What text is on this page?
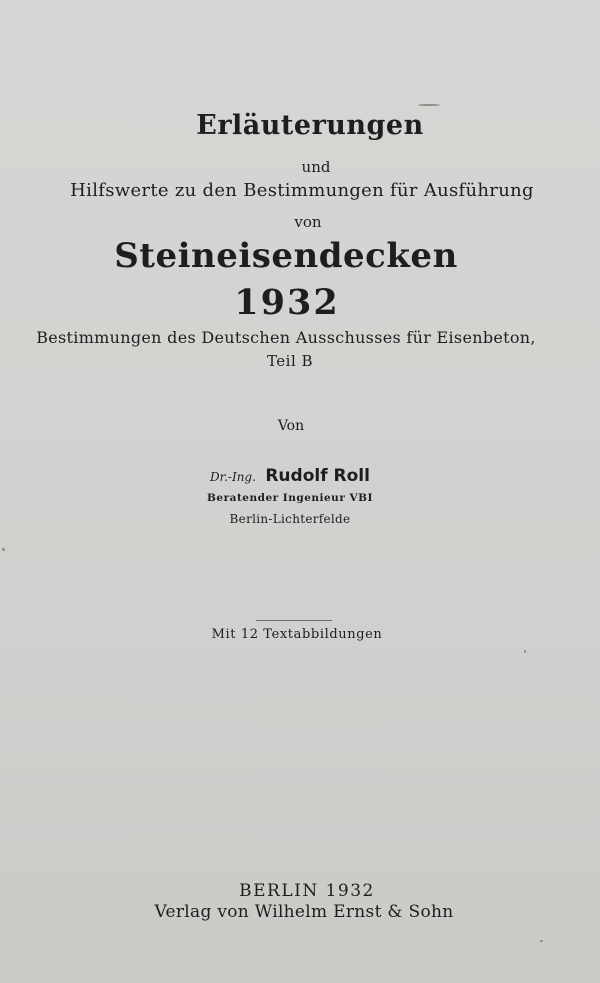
Erläuterungen
und
Hilfswerte zu den Bestimmungen für Ausführung
von
Steineisendecken
1932
Bestimmungen des Deutschen Ausschusses für Eisenbeton,
Teil B
Von
Dr.-Ing. Rudolf Roll
Beratender Ingenieur VBI
Berlin-Lichterfelde
Mit 12 Textabbildungen
BERLIN 1932
Verlag von Wilhelm Ernst & Sohn
